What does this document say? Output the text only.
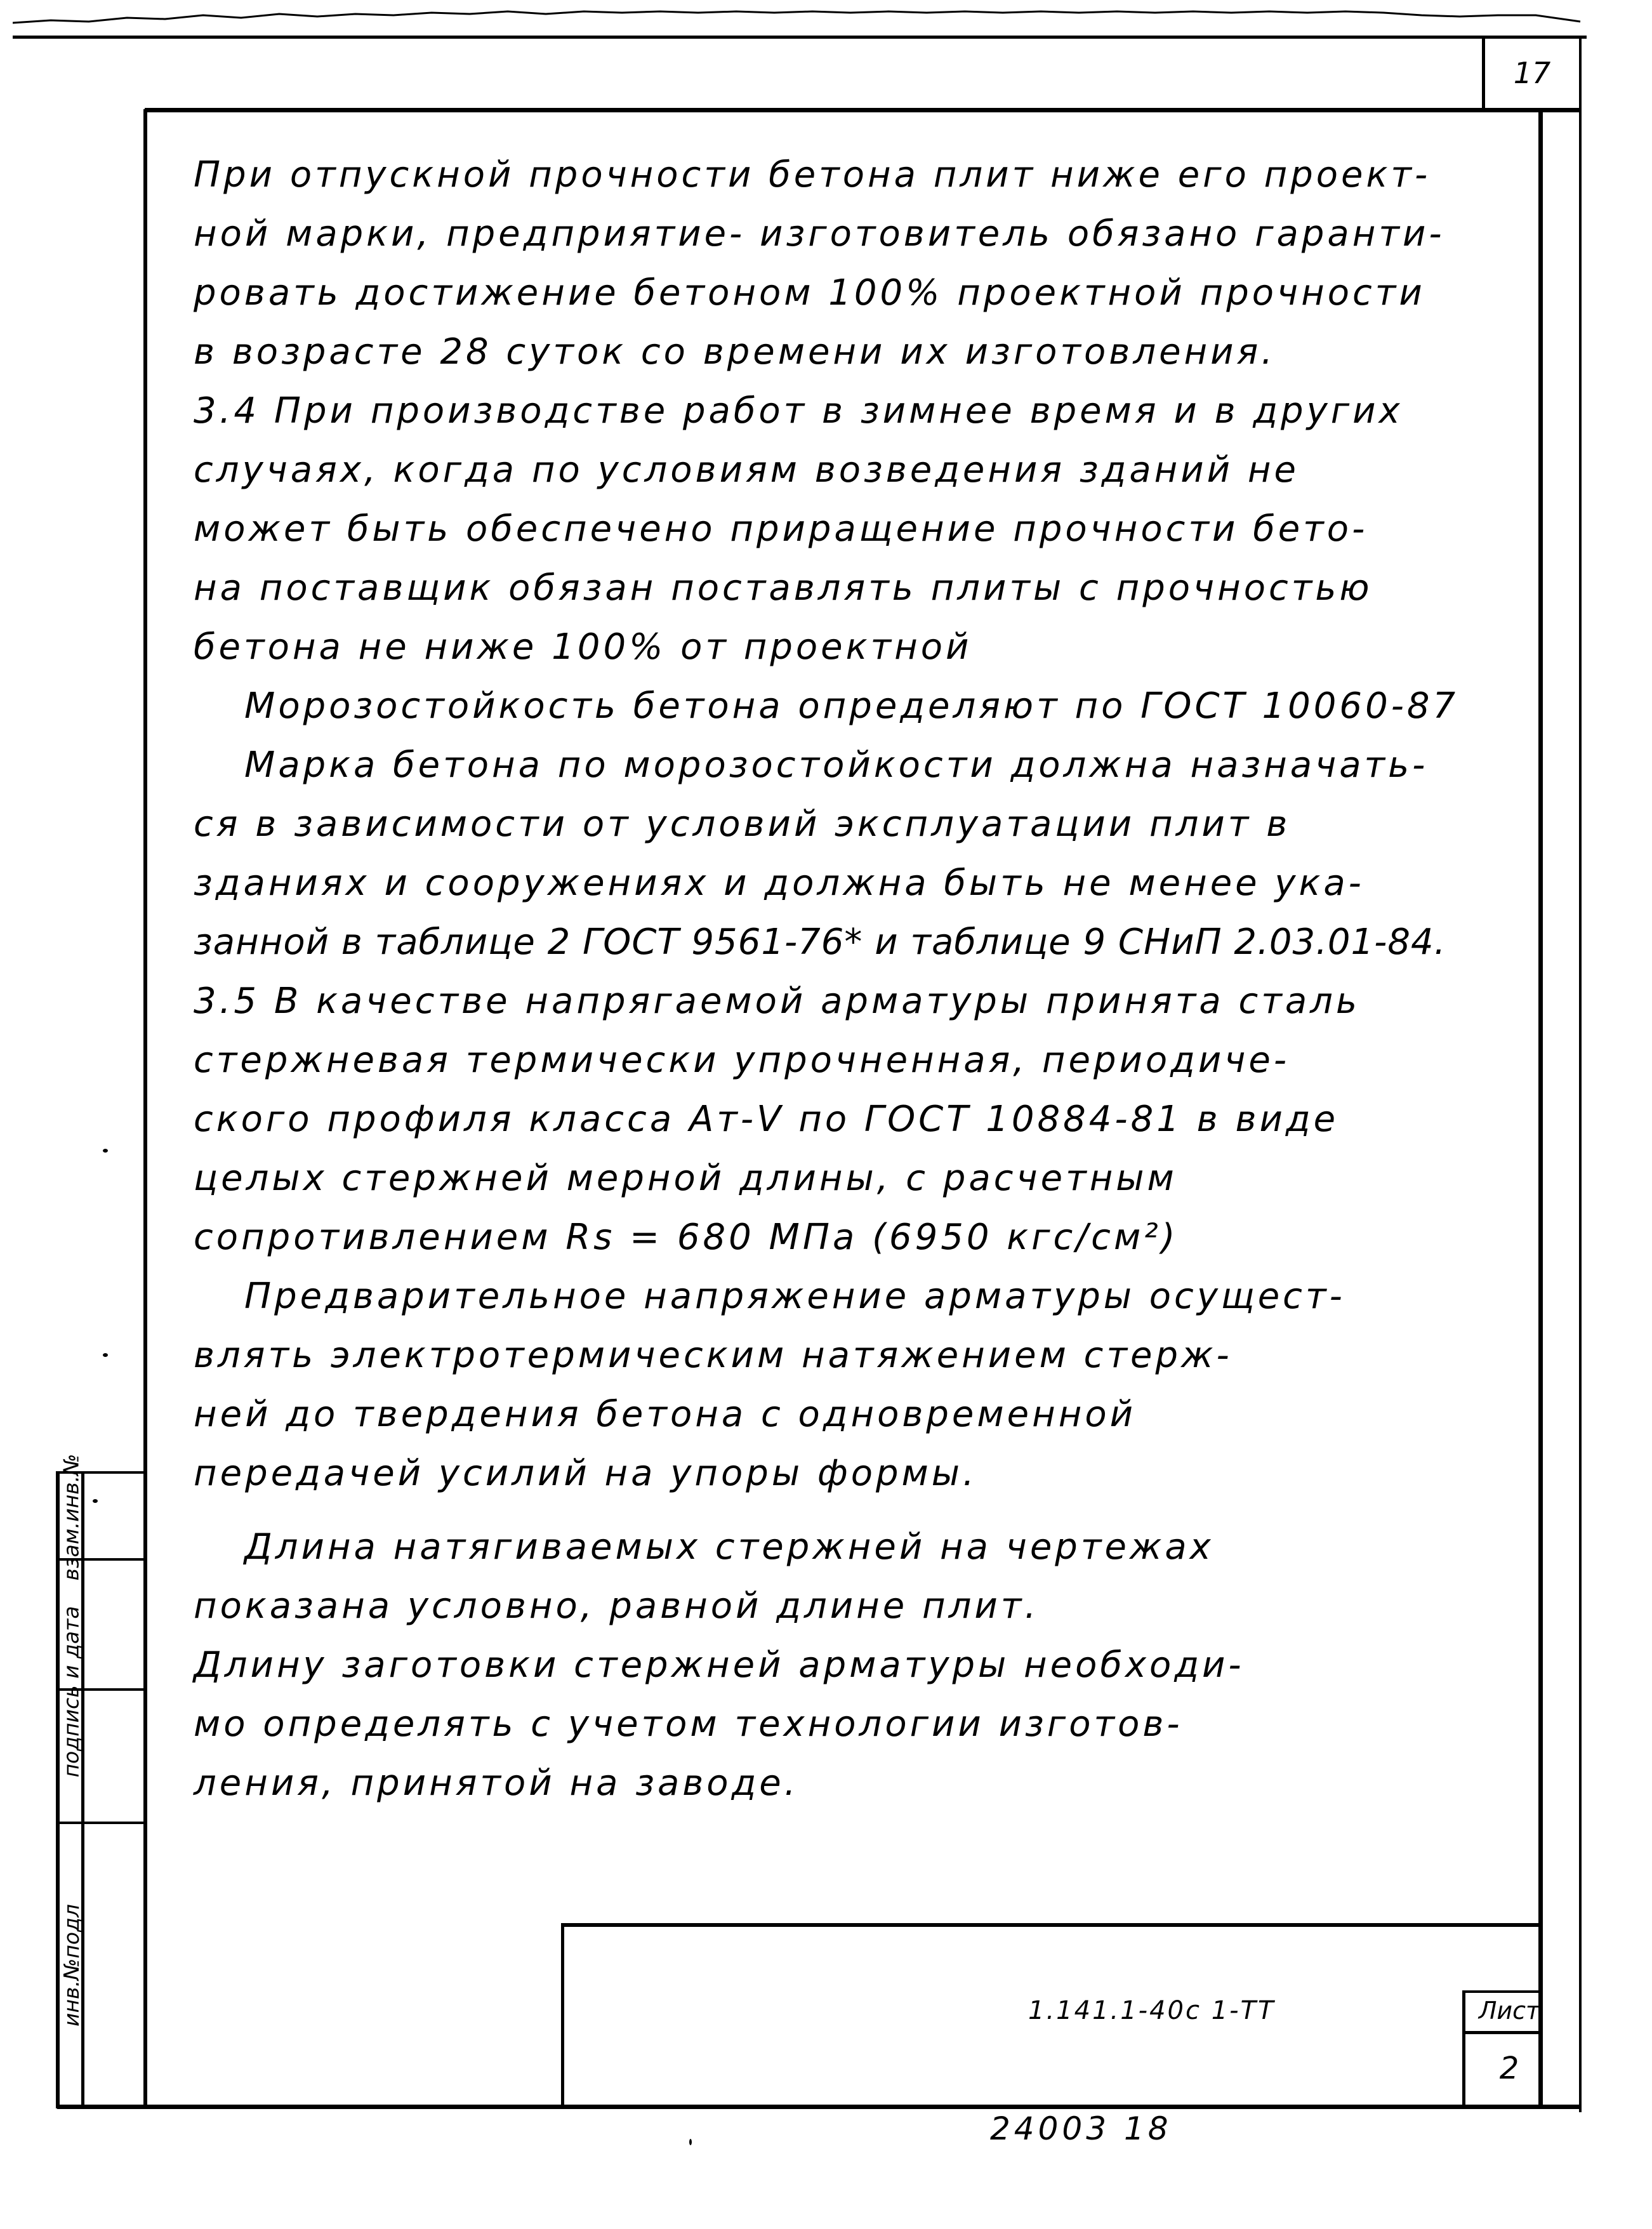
17
При отпускной прочности бетона плит ниже его проект-
ной марки, предприятие- изготовитель обязано гаранти-
ровать достижение бетоном 100% проектной прочности
в возрасте 28 суток со времени их изготовления.
3.4 При производстве работ в зимнее время и в других
случаях, когда по условиям возведения зданий не
может быть обеспечено приращение прочности бето-
на поставщик обязан поставлять плиты с прочностью
бетона не ниже 100% от проектной
Морозостойкость бетона определяют по ГОСТ 10060-87
Марка бетона по морозостойкости должна назначать-
ся в зависимости от условий эксплуатации плит в
зданиях и сооружениях и должна быть не менее ука-
занной в таблице 2 ГОСТ 9561-76* и таблице 9 СНиП 2.03.01-84.
3.5 В качестве напрягаемой арматуры принята сталь
стержневая термически упрочненная, периодиче-
ского профиля класса Ат-V по ГОСТ 10884-81 в виде
целых стержней мерной длины, с расчетным
сопротивлением Rs = 680 МПа (6950 кгс/см²)
Предварительное напряжение арматуры осущест-
влять электротермическим натяжением стерж-
ней до твердения бетона с одновременной
передачей усилий на упоры формы.
Длина натягиваемых стержней на чертежах
показана условно, равной длине плит.
Длину заготовки стержней арматуры необходи-
мо определять с учетом технологии изготов-
ления, принятой на заводе.
взам.инв.№
подпись и дата
инв.№подл	1.141.1-40с 1-ТТ	Лист
2
24003 18
